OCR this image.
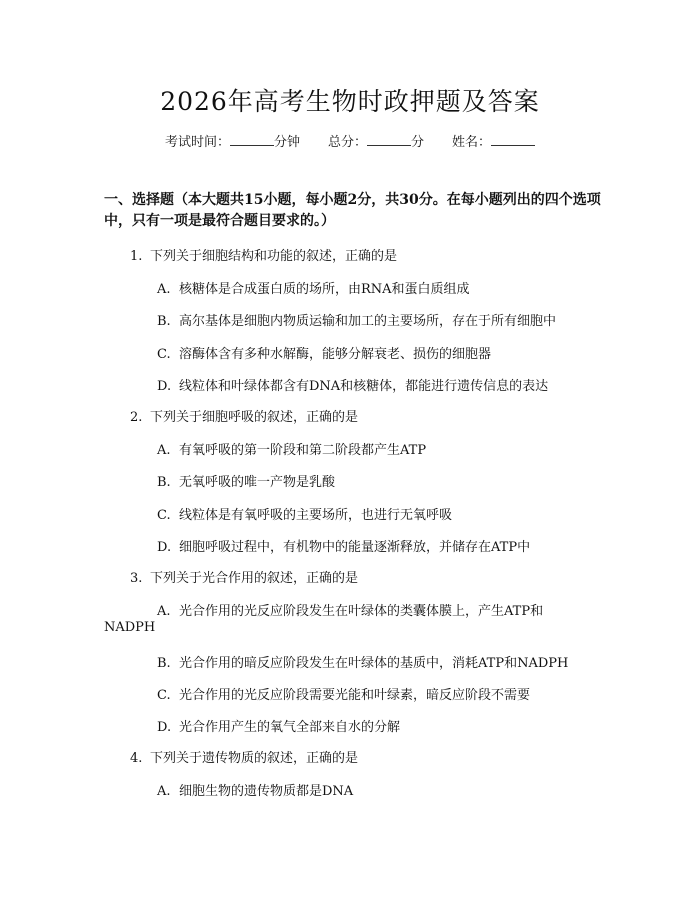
2026年高考生物时政押题及答案
考试时间：	分钟 总分：	分 姓名：
一、选择题（本大题共15小题，每小题2分，共30分。在每小题列出的四个选项中，只有一项是最符合题目要求的。）
1. 下列关于细胞结构和功能的叙述，正确的是
A. 核糖体是合成蛋白质的场所，由RNA和蛋白质组成
B. 高尔基体是细胞内物质运输和加工的主要场所，存在于所有细胞中
C. 溶酶体含有多种水解酶，能够分解衰老、损伤的细胞器
D. 线粒体和叶绿体都含有DNA和核糖体，都能进行遗传信息的表达
2. 下列关于细胞呼吸的叙述，正确的是
A. 有氧呼吸的第一阶段和第二阶段都产生ATP
B. 无氧呼吸的唯一产物是乳酸
C. 线粒体是有氧呼吸的主要场所，也进行无氧呼吸
D. 细胞呼吸过程中，有机物中的能量逐渐释放，并储存在ATP中
3. 下列关于光合作用的叙述，正确的是
A. 光合作用的光反应阶段发生在叶绿体的类囊体膜上，产生ATP和
NADPH
B. 光合作用的暗反应阶段发生在叶绿体的基质中，消耗ATP和NADPH
C. 光合作用的光反应阶段需要光能和叶绿素，暗反应阶段不需要
D. 光合作用产生的氧气全部来自水的分解
4. 下列关于遗传物质的叙述，正确的是
A. 细胞生物的遗传物质都是DNA
